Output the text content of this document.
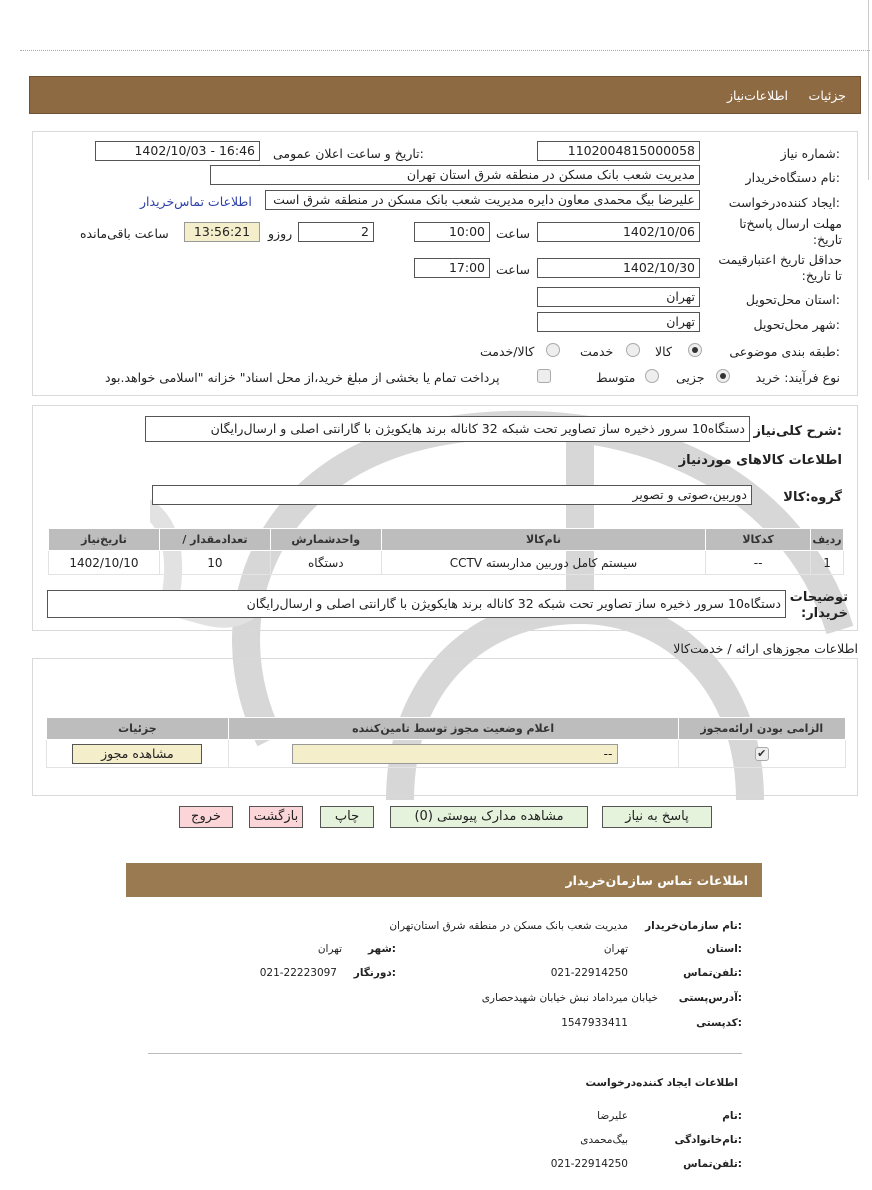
جزئیات
اطلاعات‌نیاز
شماره نیاز:
1102004815000058
تاریخ و ساعت اعلان عمومی:
1402/10/03 - 16:46
نام دستگاه‌خریدار:
مدیریت شعب بانک مسکن در منطقه شرق استان تهران
ایجاد کننده‌درخواست:
علیرضا بیگ محمدی معاون دایره مدیریت شعب بانک مسکن در منطقه شرق است
اطلاعات تماس‌خریدار
مهلت ارسال پاسخ‌تا تاریخ:
1402/10/06
ساعت
10:00
2
روزو
13:56:21
ساعت باقی‌مانده
حداقل تاریخ اعتبار‌قیمت تا تاریخ:
1402/10/30
ساعت
17:00
استان محل‌تحویل:
تهران
شهر محل‌تحویل:
تهران
طبقه بندی موضوعی:
کالا
خدمت
کالا/خدمت
نوع فرآیند: خرید
جزیی
متوسط
پرداخت تمام یا بخشی از مبلغ خرید،از محل اسناد" خزانه "اسلامی خواهد.بود
شرح کلی‌نیاز:
دستگاه10 سرور ذخیره ساز تصاویر تحت شبکه 32 کاناله برند هایکویژن با گارانتی اصلی و ارسال‌رایگان
اطلاعات کالاهای موردنیاز
گروه:کالا
دوربین،صوتی و تصویر
ردیف	کدکالا	نام‌کالا	واحدشمارش	تعداد‌مقدار /	تاریخ‌نیاز
1	--	سیستم کامل دوربین مداربسته CCTV	دستگاه	10	1402/10/10
توضیحات خریدار:
دستگاه10 سرور ذخیره ساز تصاویر تحت شبکه 32 کاناله برند هایکویژن با گارانتی اصلی و ارسال‌رایگان
اطلاعات مجوزهای ارائه / خدمت‌کالا
الزامی بودن ارائه‌مجوز	اعلام وضعیت مجوز توسط تامین‌کننده	جزئیات
✔	--	مشاهده مجوز
پاسخ به نیاز
مشاهده مدارک پیوستی (0)
چاپ
بازگشت
خروج
اطلاعات تماس سازمان‌خریدار
نام سازمان‌خریدار:
مدیریت شعب بانک مسکن در منطقه شرق استان‌تهران
استان:
تهران
شهر:
تهران
تلفن‌تماس:
021-22914250
دورنگار:
021-22223097
آدرس‌پستی:
خیابان میرداماد نبش خیابان شهیدحصاری
کد‌پستی:
1547933411
اطلاعات ایجاد کننده‌درخواست
نام:
علیرضا
نام‌خانوادگی:
بیگ‌محمدی
تلفن‌تماس:
021-22914250
